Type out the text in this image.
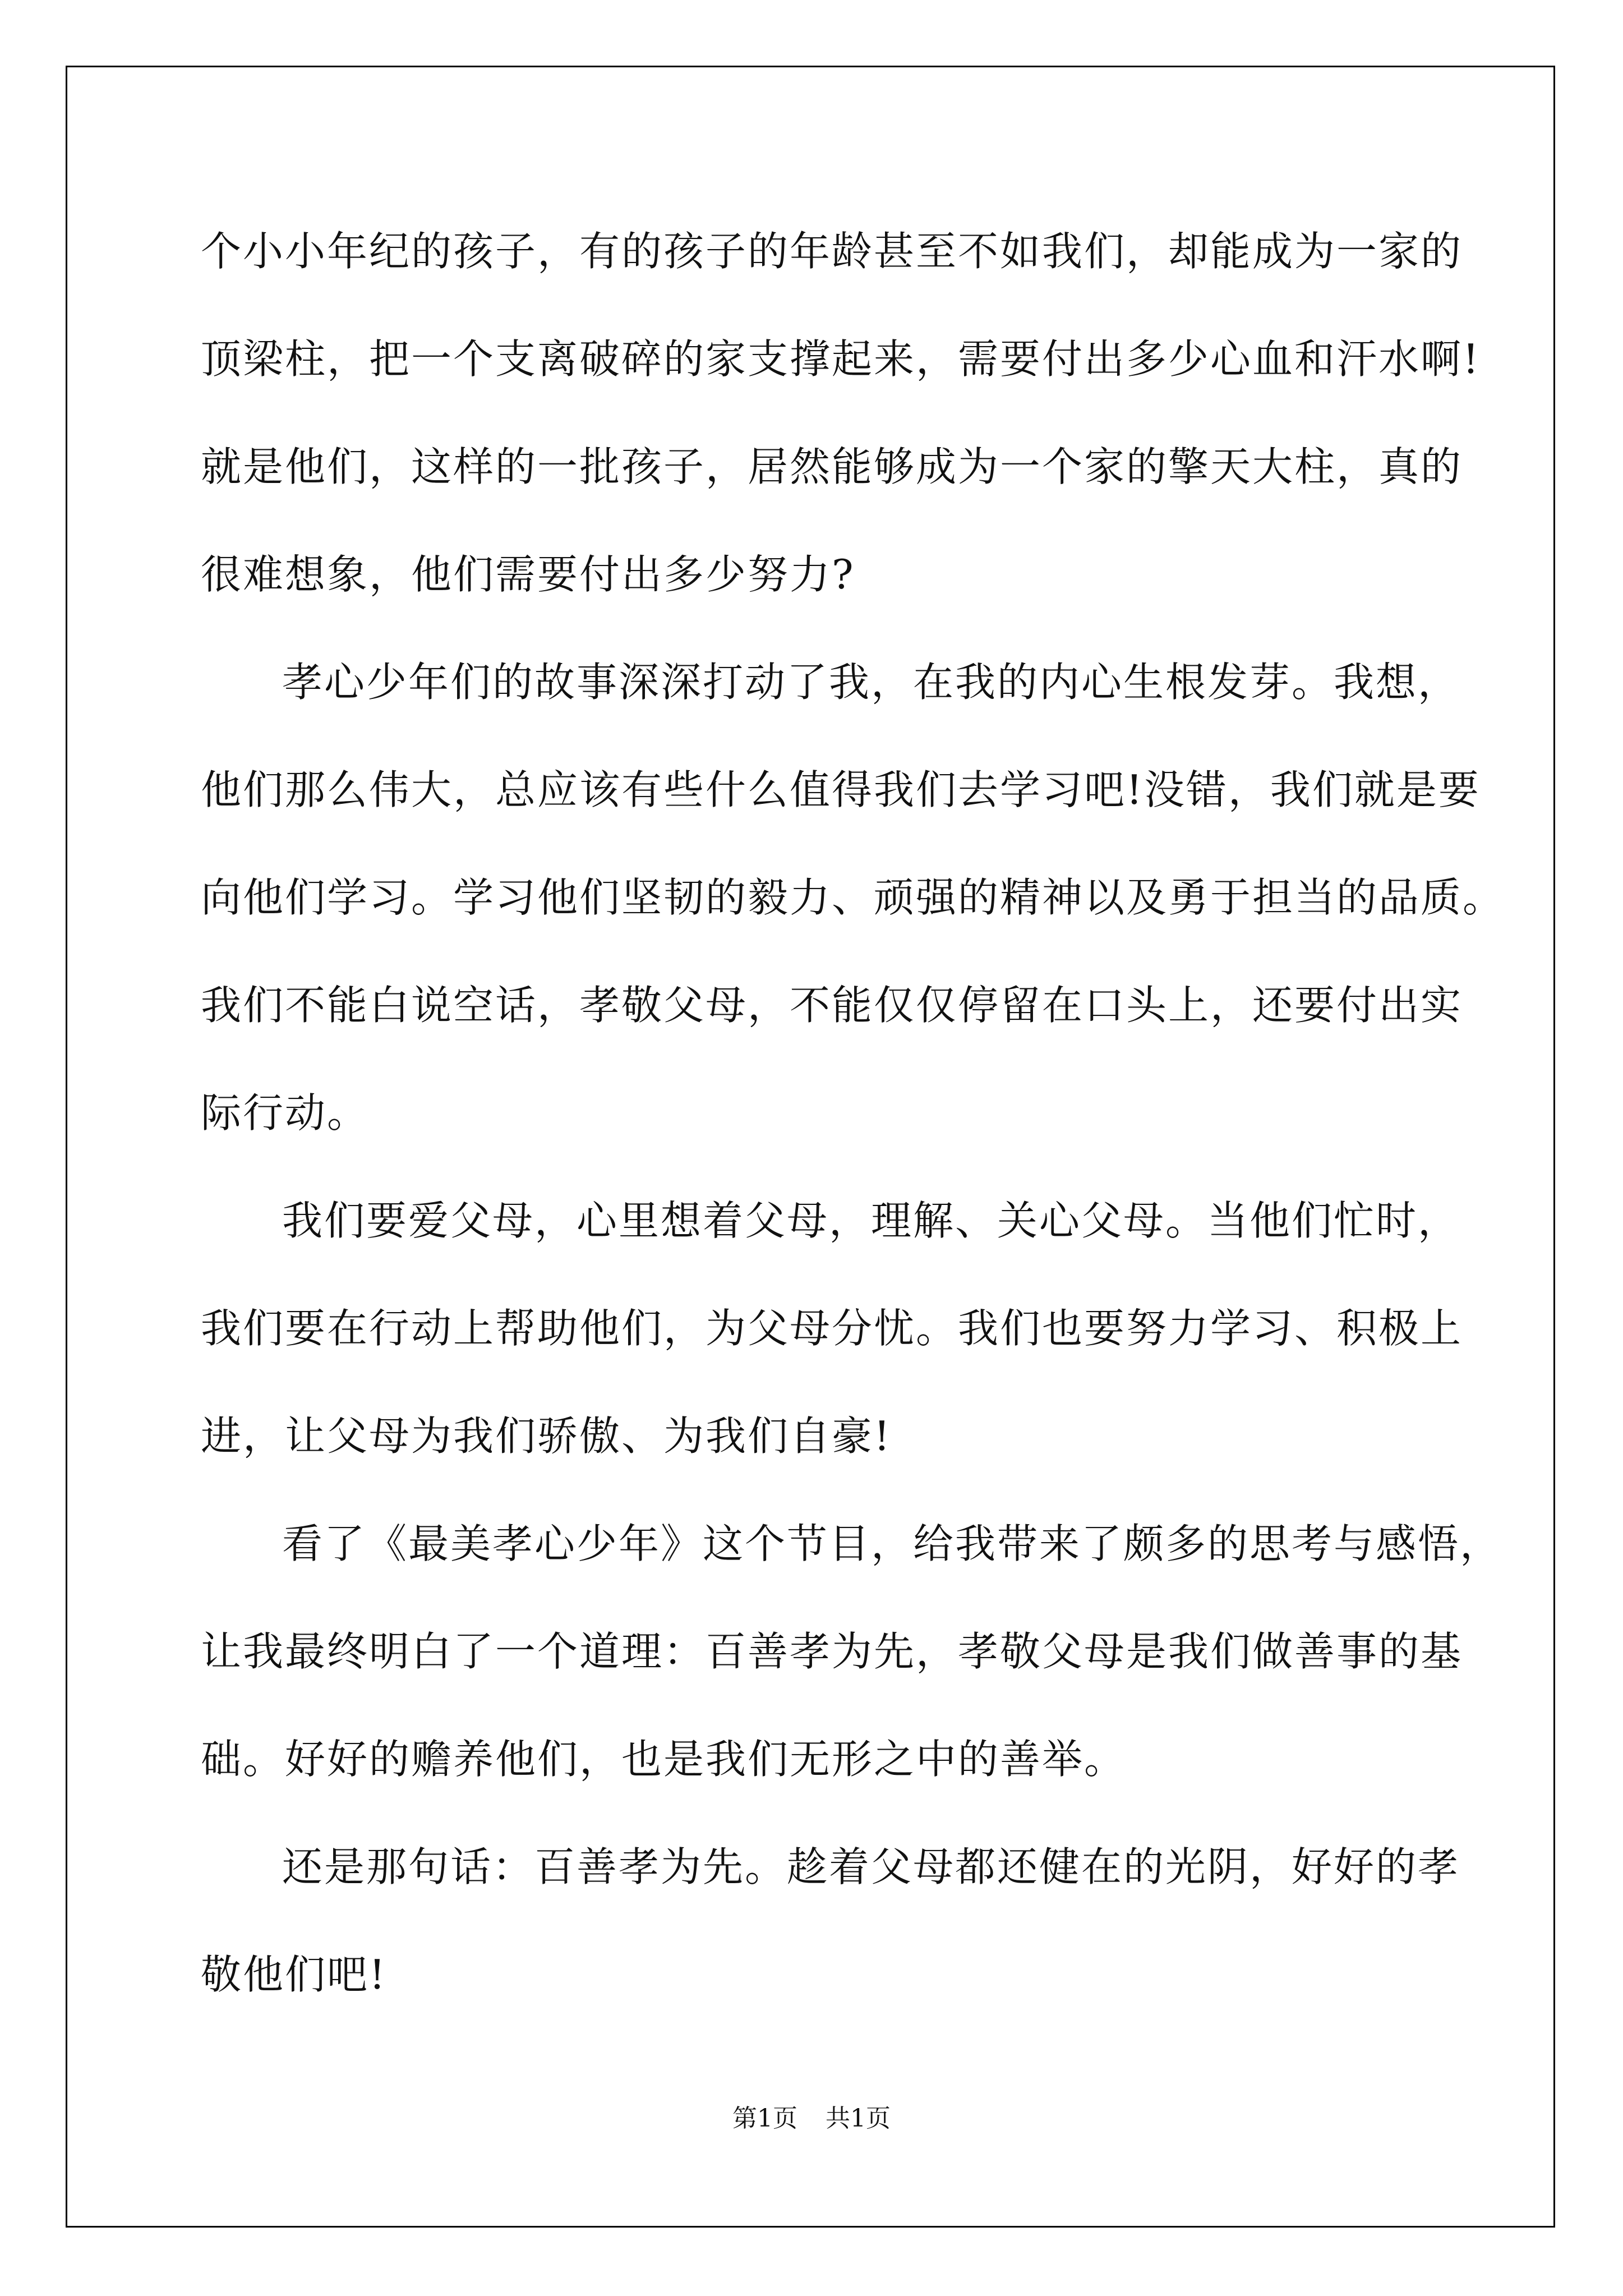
个小小年纪的孩子，有的孩子的年龄甚至不如我们，却能成为一家的
顶梁柱，把一个支离破碎的家支撑起来，需要付出多少心血和汗水啊!
就是他们，这样的一批孩子，居然能够成为一个家的擎天大柱，真的
很难想象，他们需要付出多少努力?
孝心少年们的故事深深打动了我，在我的内心生根发芽。我想，
他们那么伟大，总应该有些什么值得我们去学习吧!没错，我们就是要
向他们学习。学习他们坚韧的毅力、顽强的精神以及勇于担当的品质。
我们不能白说空话，孝敬父母，不能仅仅停留在口头上，还要付出实
际行动。
我们要爱父母，心里想着父母，理解、关心父母。当他们忙时，
我们要在行动上帮助他们，为父母分忧。我们也要努力学习、积极上
进，让父母为我们骄傲、为我们自豪!
看了《最美孝心少年》这个节目，给我带来了颇多的思考与感悟，
让我最终明白了一个道理：百善孝为先，孝敬父母是我们做善事的基
础。好好的赡养他们，也是我们无形之中的善举。
还是那句话：百善孝为先。趁着父母都还健在的光阴，好好的孝
敬他们吧!
第1页 共1页
